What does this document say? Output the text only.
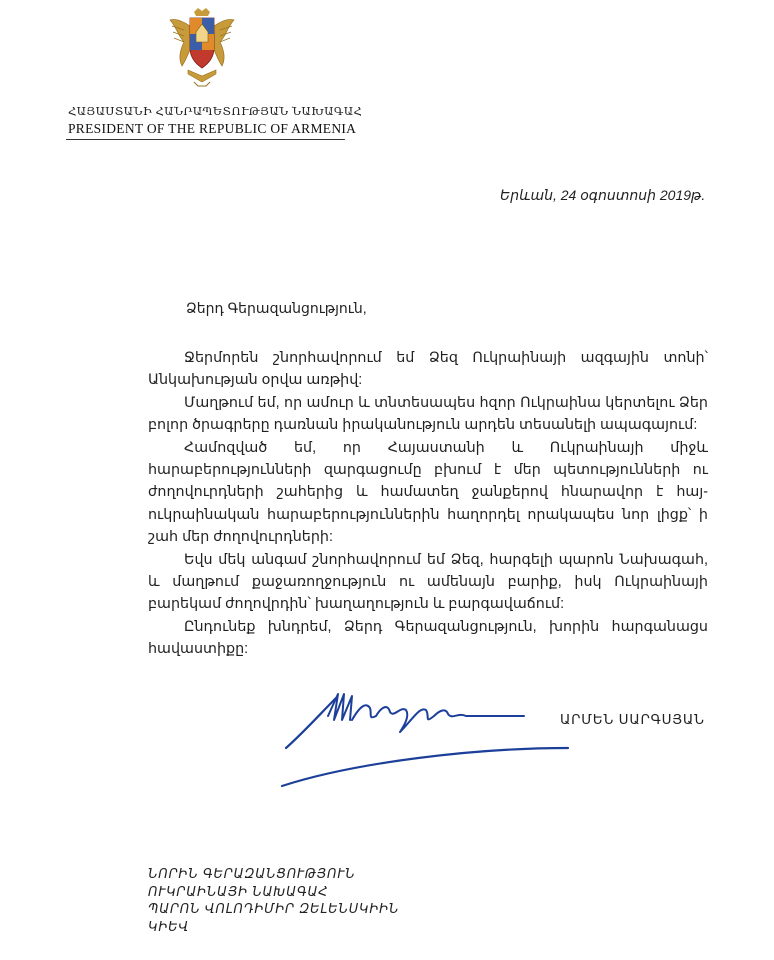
ՀԱՅԱՍՏԱՆԻ ՀԱՆՐԱՊԵՏՈՒԹՅԱՆ ՆԱԽԱԳԱՀ
PRESIDENT OF THE REPUBLIC OF ARMENIA
Երևան, 24 օգոստոսի 2019թ.
Ձերդ Գերազանցություն,

Ջերմորեն շնորհավորում եմ Ձեզ Ուկրաինայի ազգային տոնի՝ Անկախության օրվա առթիվ:

Մաղթում եմ, որ ամուր և տնտեսապես հզոր Ուկրաինա կերտելու Ձեր բոլոր ծրագրերը դառնան իրականություն արդեն տեսանելի ապագայում:

Համոզված եմ, որ Հայաստանի և Ուկրաինայի միջև հարաբերությունների զարգացումը բխում է մեր պետությունների ու ժողովուրդների շահերից և համատեղ ջանքերով հնարավոր է հայ-ուկրաինական հարաբերություններին հաղորդել որակապես նոր լիցք՝ ի շահ մեր ժողովուրդների:

Եվս մեկ անգամ շնորհավորում եմ Ձեզ, հարգելի պարոն Նախագահ, և մաղթում քաջառողջություն ու ամենայն բարիք, իսկ Ուկրաինայի բարեկամ ժողովրդին՝ խաղաղություն և բարգավաճում:

Ընդունեք խնդրեմ, Ձերդ Գերազանցություն, խորին հարգանացս հավաստիքը:

ԱՐՄԵՆ ՍԱՐԳՍՅԱՆ
ՆՈՐԻՆ ԳԵՐԱԶԱՆՑՈՒԹՅՈՒՆ
ՈՒԿՐԱԻՆԱՅԻ ՆԱԽԱԳԱՀ
ՊԱՐՈՆ ՎՈԼՈԴԻՄԻՐ ԶԵԼԵՆՍԿԻԻՆ
ԿԻԵՎ
